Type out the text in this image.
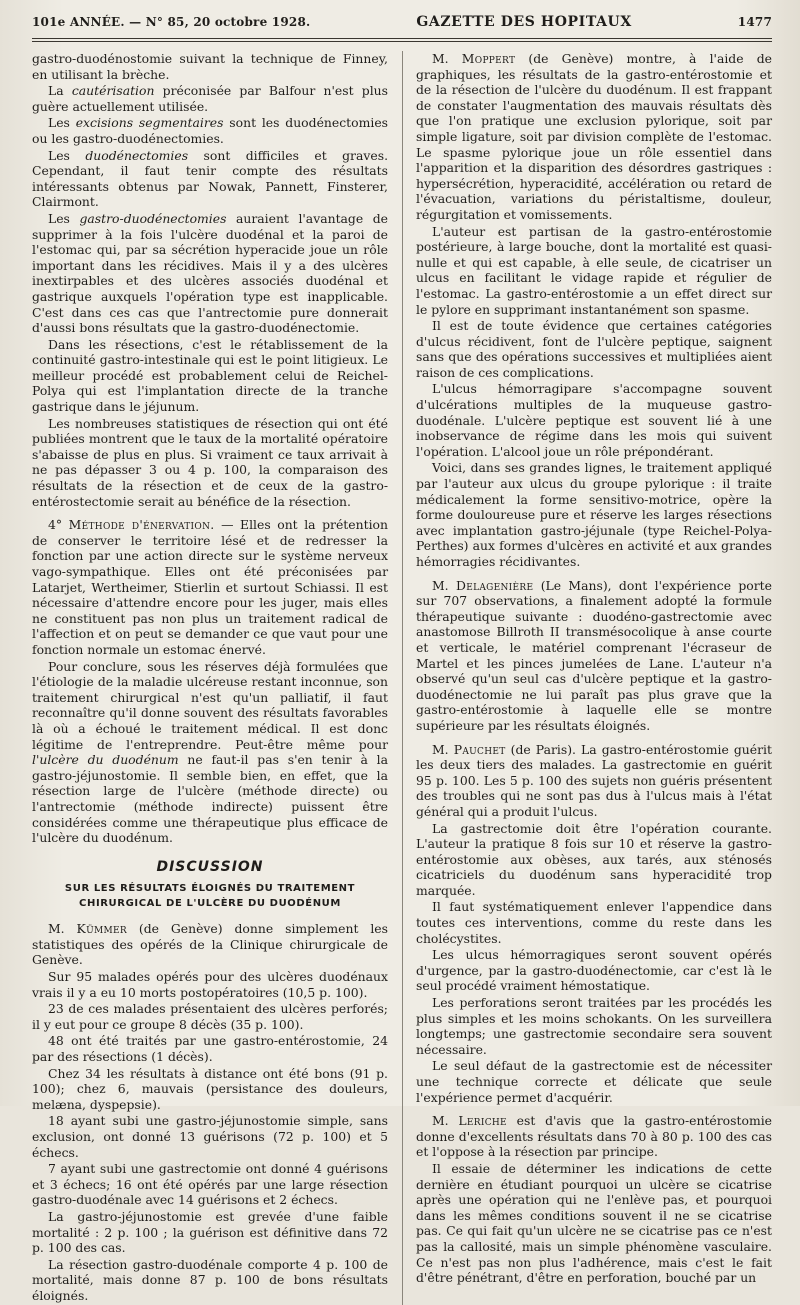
101e ANNÉE. — N° 85, 20 octobre 1928.	GAZETTE DES HOPITAUX	1477

gastro-duodénostomie suivant la technique de Finney, en utilisant la brèche.

La cautérisation préconisée par Balfour n'est plus guère actuellement utilisée.

Les excisions segmentaires sont les duodénectomies ou les gastro-duodénectomies.

Les duodénectomies sont difficiles et graves. Cependant, il faut tenir compte des résultats intéressants obtenus par Nowak, Pannett, Finsterer, Clairmont.

Les gastro-duodénectomies auraient l'avantage de supprimer à la fois l'ulcère duodénal et la paroi de l'estomac qui, par sa sécrétion hyperacide joue un rôle important dans les récidives. Mais il y a des ulcères inextirpables et des ulcères associés duodénal et gastrique auxquels l'opération type est inapplicable. C'est dans ces cas que l'antrectomie pure donnerait d'aussi bons résultats que la gastro-duodénectomie.

Dans les résections, c'est le rétablissement de la continuité gastro-intestinale qui est le point litigieux. Le meilleur procédé est probablement celui de Reichel-Polya qui est l'implantation directe de la tranche gastrique dans le jéjunum.

Les nombreuses statistiques de résection qui ont été publiées montrent que le taux de la mortalité opératoire s'abaisse de plus en plus. Si vraiment ce taux arrivait à ne pas dépasser 3 ou 4 p. 100, la comparaison des résultats de la résection et de ceux de la gastro-entérostectomie serait au bénéfice de la résection.

4° Méthode d'énervation. — Elles ont la prétention de conserver le territoire lésé et de redresser la fonction par une action directe sur le système nerveux vago-sympathique. Elles ont été préconisées par Latarjet, Wertheimer, Stierlin et surtout Schiassi. Il est nécessaire d'attendre encore pour les juger, mais elles ne constituent pas non plus un traitement radical de l'affection et on peut se demander ce que vaut pour une fonction normale un estomac énervé.

Pour conclure, sous les réserves déjà formulées que l'étiologie de la maladie ulcéreuse restant inconnue, son traitement chirurgical n'est qu'un palliatif, il faut reconnaître qu'il donne souvent des résultats favorables là où a échoué le traitement médical. Il est donc légitime de l'entreprendre. Peut-être même pour l'ulcère du duodénum ne faut-il pas s'en tenir à la gastro-jéjunostomie. Il semble bien, en effet, que la résection large de l'ulcère (méthode directe) ou l'antrectomie (méthode indirecte) puissent être considérées comme une thérapeutique plus efficace de l'ulcère du duodénum.

DISCUSSION
SUR LES RÉSULTATS ÉLOIGNÉS DU TRAITEMENT CHIRURGICAL DE L'ULCÈRE DU DUODÉNUM

M. Kümmer (de Genève) donne simplement les statistiques des opérés de la Clinique chirurgicale de Genève.

Sur 95 malades opérés pour des ulcères duodénaux vrais il y a eu 10 morts postopératoires (10,5 p. 100).

23 de ces malades présentaient des ulcères perforés; il y eut pour ce groupe 8 décès (35 p. 100).

48 ont été traités par une gastro-entérostomie, 24 par des résections (1 décès).

Chez 34 les résultats à distance ont été bons (91 p. 100); chez 6, mauvais (persistance des douleurs, melæna, dyspepsie).

18 ayant subi une gastro-jéjunostomie simple, sans exclusion, ont donné 13 guérisons (72 p. 100) et 5 échecs.

7 ayant subi une gastrectomie ont donné 4 guérisons et 3 échecs; 16 ont été opérés par une large résection gastro-duodénale avec 14 guérisons et 2 échecs.

La gastro-jéjunostomie est grevée d'une faible mortalité : 2 p. 100 ; la guérison est définitive dans 72 p. 100 des cas.

La résection gastro-duodénale comporte 4 p. 100 de mortalité, mais donne 87 p. 100 de bons résultats éloignés.

M. Moppert (de Genève) montre, à l'aide de graphiques, les résultats de la gastro-entérostomie et de la résection de l'ulcère du duodénum. Il est frappant de constater l'augmentation des mauvais résultats dès que l'on pratique une exclusion pylorique, soit par simple ligature, soit par division complète de l'estomac. Le spasme pylorique joue un rôle essentiel dans l'apparition et la disparition des désordres gastriques : hypersécrétion, hyperacidité, accélération ou retard de l'évacuation, variations du péristaltisme, douleur, régurgitation et vomissements.

L'auteur est partisan de la gastro-entérostomie postérieure, à large bouche, dont la mortalité est quasi-nulle et qui est capable, à elle seule, de cicatriser un ulcus en facilitant le vidage rapide et régulier de l'estomac. La gastro-entérostomie a un effet direct sur le pylore en supprimant instantanément son spasme.

Il est de toute évidence que certaines catégories d'ulcus récidivent, font de l'ulcère peptique, saignent sans que des opérations successives et multipliées aient raison de ces complications.

L'ulcus hémorragipare s'accompagne souvent d'ulcérations multiples de la muqueuse gastro-duodénale. L'ulcère peptique est souvent lié à une inobservance de régime dans les mois qui suivent l'opération. L'alcool joue un rôle prépondérant.

Voici, dans ses grandes lignes, le traitement appliqué par l'auteur aux ulcus du groupe pylorique : il traite médicalement la forme sensitivo-motrice, opère la forme douloureuse pure et réserve les larges résections avec implantation gastro-jéjunale (type Reichel-Polya-Perthes) aux formes d'ulcères en activité et aux grandes hémorragies récidivantes.

M. Delagenière (Le Mans), dont l'expérience porte sur 707 observations, a finalement adopté la formule thérapeutique suivante : duodéno-gastrectomie avec anastomose Billroth II transmésocolique à anse courte et verticale, le matériel comprenant l'écraseur de Martel et les pinces jumelées de Lane. L'auteur n'a observé qu'un seul cas d'ulcère peptique et la gastro-duodénectomie ne lui paraît pas plus grave que la gastro-entérostomie à laquelle elle se montre supérieure par les résultats éloignés.

M. Pauchet (de Paris). La gastro-entérostomie guérit les deux tiers des malades. La gastrectomie en guérit 95 p. 100. Les 5 p. 100 des sujets non guéris présentent des troubles qui ne sont pas dus à l'ulcus mais à l'état général qui a produit l'ulcus.

La gastrectomie doit être l'opération courante. L'auteur la pratique 8 fois sur 10 et réserve la gastro-entérostomie aux obèses, aux tarés, aux sténosés cicatriciels du duodénum sans hyperacidité trop marquée.

Il faut systématiquement enlever l'appendice dans toutes ces interventions, comme du reste dans les cholécystites.

Les ulcus hémorragiques seront souvent opérés d'urgence, par la gastro-duodénectomie, car c'est là le seul procédé vraiment hémostatique.

Les perforations seront traitées par les procédés les plus simples et les moins schokants. On les surveillera longtemps; une gastrectomie secondaire sera souvent nécessaire.

Le seul défaut de la gastrectomie est de nécessiter une technique correcte et délicate que seule l'expérience permet d'acquérir.

M. Leriche est d'avis que la gastro-entérostomie donne d'excellents résultats dans 70 à 80 p. 100 des cas et l'oppose à la résection par principe.

Il essaie de déterminer les indications de cette dernière en étudiant pourquoi un ulcère se cicatrise après une opération qui ne l'enlève pas, et pourquoi dans les mêmes conditions souvent il ne se cicatrise pas. Ce qui fait qu'un ulcère ne se cicatrise pas ce n'est pas la callosité, mais un simple phénomène vasculaire. Ce n'est pas non plus l'adhérence, mais c'est le fait d'être pénétrant, d'être en perforation, bouché par un
